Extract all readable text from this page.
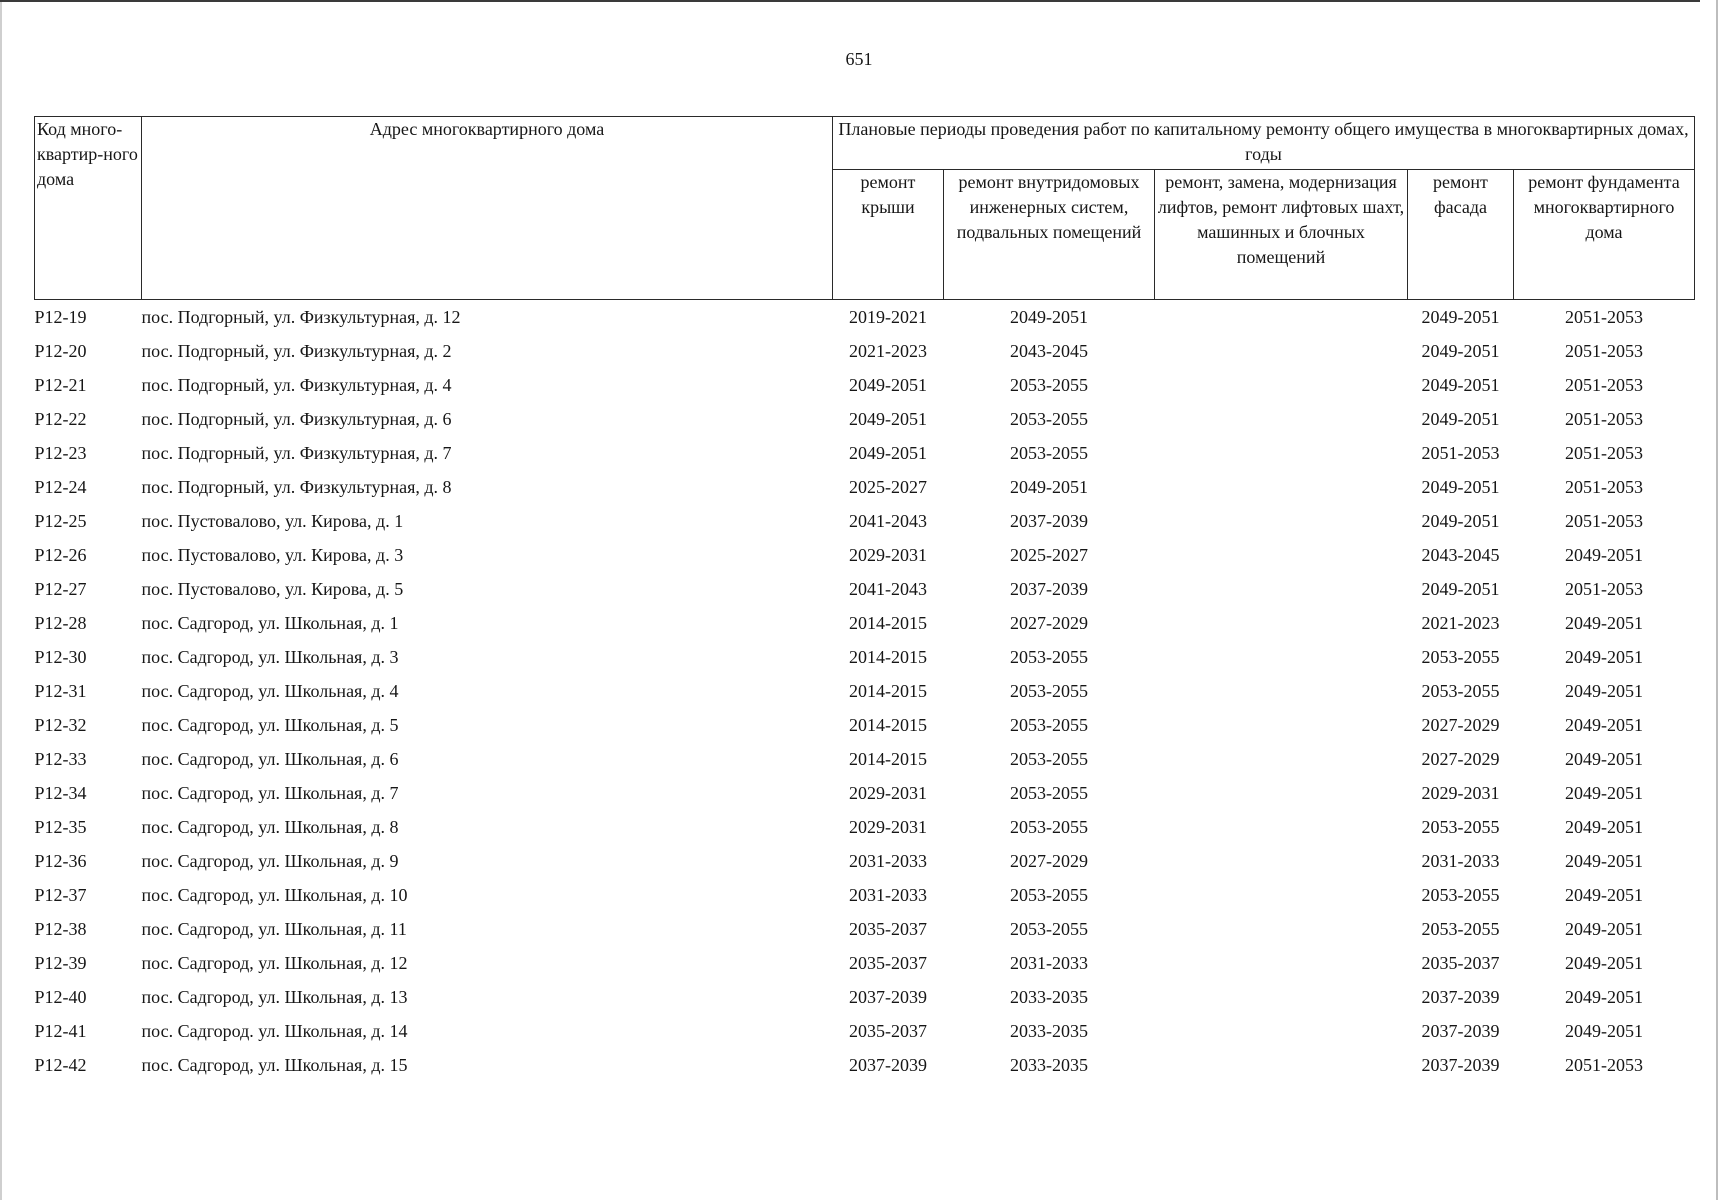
651
Код много-квартир-ного дома	Адрес многоквартирного дома	Плановые периоды проведения работ по капитальному ремонту общего имущества в многоквартирных домах, годы				
		ремонт крыши	ремонт внутридомовых инженерных систем, подвальных помещений	ремонт, замена, модернизация лифтов, ремонт лифтовых шахт, машинных и блочных помещений	ремонт фасада	ремонт фундамента многоквартирного дома
Р12-19	пос. Подгорный, ул. Физкультурная, д. 12	2019-2021	2049-2051		2049-2051	2051-2053
Р12-20	пос. Подгорный, ул. Физкультурная, д. 2	2021-2023	2043-2045		2049-2051	2051-2053
Р12-21	пос. Подгорный, ул. Физкультурная, д. 4	2049-2051	2053-2055		2049-2051	2051-2053
Р12-22	пос. Подгорный, ул. Физкультурная, д. 6	2049-2051	2053-2055		2049-2051	2051-2053
Р12-23	пос. Подгорный, ул. Физкультурная, д. 7	2049-2051	2053-2055		2051-2053	2051-2053
Р12-24	пос. Подгорный, ул. Физкультурная, д. 8	2025-2027	2049-2051		2049-2051	2051-2053
Р12-25	пос. Пустовалово, ул. Кирова, д. 1	2041-2043	2037-2039		2049-2051	2051-2053
Р12-26	пос. Пустовалово, ул. Кирова, д. 3	2029-2031	2025-2027		2043-2045	2049-2051
Р12-27	пос. Пустовалово, ул. Кирова, д. 5	2041-2043	2037-2039		2049-2051	2051-2053
Р12-28	пос. Садгород, ул. Школьная, д. 1	2014-2015	2027-2029		2021-2023	2049-2051
Р12-30	пос. Садгород, ул. Школьная, д. 3	2014-2015	2053-2055		2053-2055	2049-2051
Р12-31	пос. Садгород, ул. Школьная, д. 4	2014-2015	2053-2055		2053-2055	2049-2051
Р12-32	пос. Садгород, ул. Школьная, д. 5	2014-2015	2053-2055		2027-2029	2049-2051
Р12-33	пос. Садгород, ул. Школьная, д. 6	2014-2015	2053-2055		2027-2029	2049-2051
Р12-34	пос. Садгород, ул. Школьная, д. 7	2029-2031	2053-2055		2029-2031	2049-2051
Р12-35	пос. Садгород, ул. Школьная, д. 8	2029-2031	2053-2055		2053-2055	2049-2051
Р12-36	пос. Садгород, ул. Школьная, д. 9	2031-2033	2027-2029		2031-2033	2049-2051
Р12-37	пос. Садгород, ул. Школьная, д. 10	2031-2033	2053-2055		2053-2055	2049-2051
Р12-38	пос. Садгород, ул. Школьная, д. 11	2035-2037	2053-2055		2053-2055	2049-2051
Р12-39	пос. Садгород, ул. Школьная, д. 12	2035-2037	2031-2033		2035-2037	2049-2051
Р12-40	пос. Садгород, ул. Школьная, д. 13	2037-2039	2033-2035		2037-2039	2049-2051
Р12-41	пос. Садгород. ул. Школьная, д. 14	2035-2037	2033-2035		2037-2039	2049-2051
Р12-42	пос. Садгород, ул. Школьная, д. 15	2037-2039	2033-2035		2037-2039	2051-2053
